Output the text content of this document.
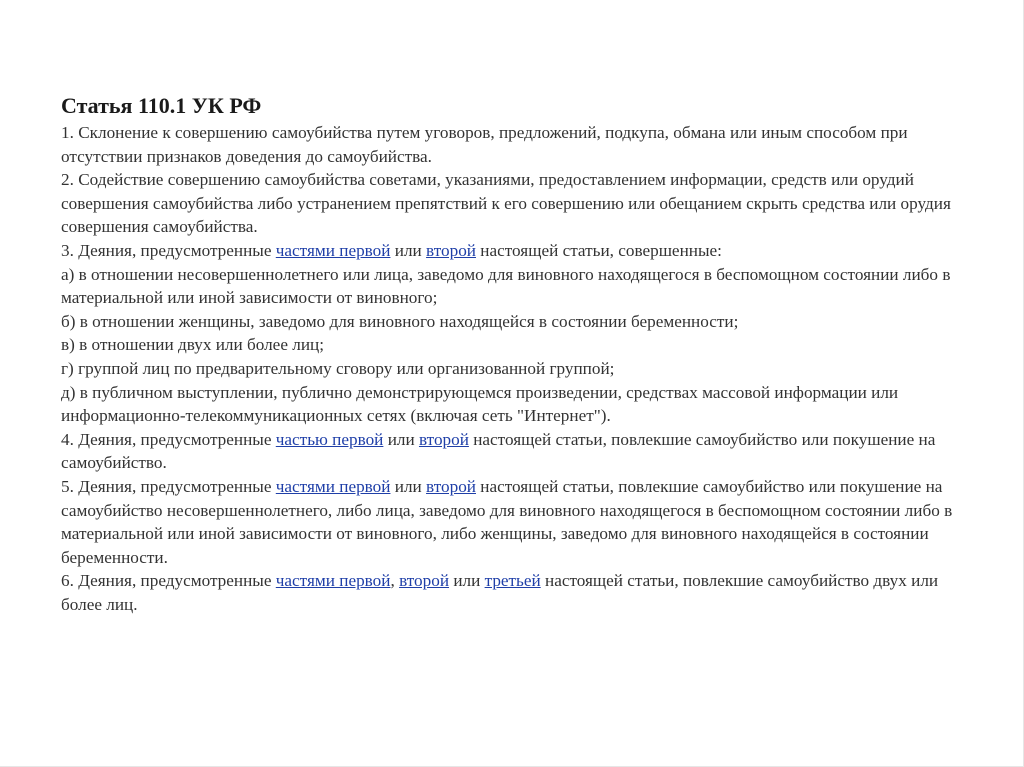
Статья 110.1 УК РФ

1. Склонение к совершению самоубийства путем уговоров, предложений, подкупа, обмана или иным способом при отсутствии признаков доведения до самоубийства.

2. Содействие совершению самоубийства советами, указаниями, предоставлением информации, средств или орудий совершения самоубийства либо устранением препятствий к его совершению или обещанием скрыть средства или орудия совершения самоубийства.

3. Деяния, предусмотренные частями первой или второй настоящей статьи, совершенные:

а) в отношении несовершеннолетнего или лица, заведомо для виновного находящегося в беспомощном состоянии либо в материальной или иной зависимости от виновного;

б) в отношении женщины, заведомо для виновного находящейся в состоянии беременности;

в) в отношении двух или более лиц;

г) группой лиц по предварительному сговору или организованной группой;

д) в публичном выступлении, публично демонстрирующемся произведении, средствах массовой информации или информационно-телекоммуникационных сетях (включая сеть "Интернет").

4. Деяния, предусмотренные частью первой или второй настоящей статьи, повлекшие самоубийство или покушение на самоубийство.

5. Деяния, предусмотренные частями первой или второй настоящей статьи, повлекшие самоубийство или покушение на самоубийство несовершеннолетнего, либо лица, заведомо для виновного находящегося в беспомощном состоянии либо в материальной или иной зависимости от виновного, либо женщины, заведомо для виновного находящейся в состоянии беременности.

6. Деяния, предусмотренные частями первой, второй или третьей настоящей статьи, повлекшие самоубийство двух или более лиц.
